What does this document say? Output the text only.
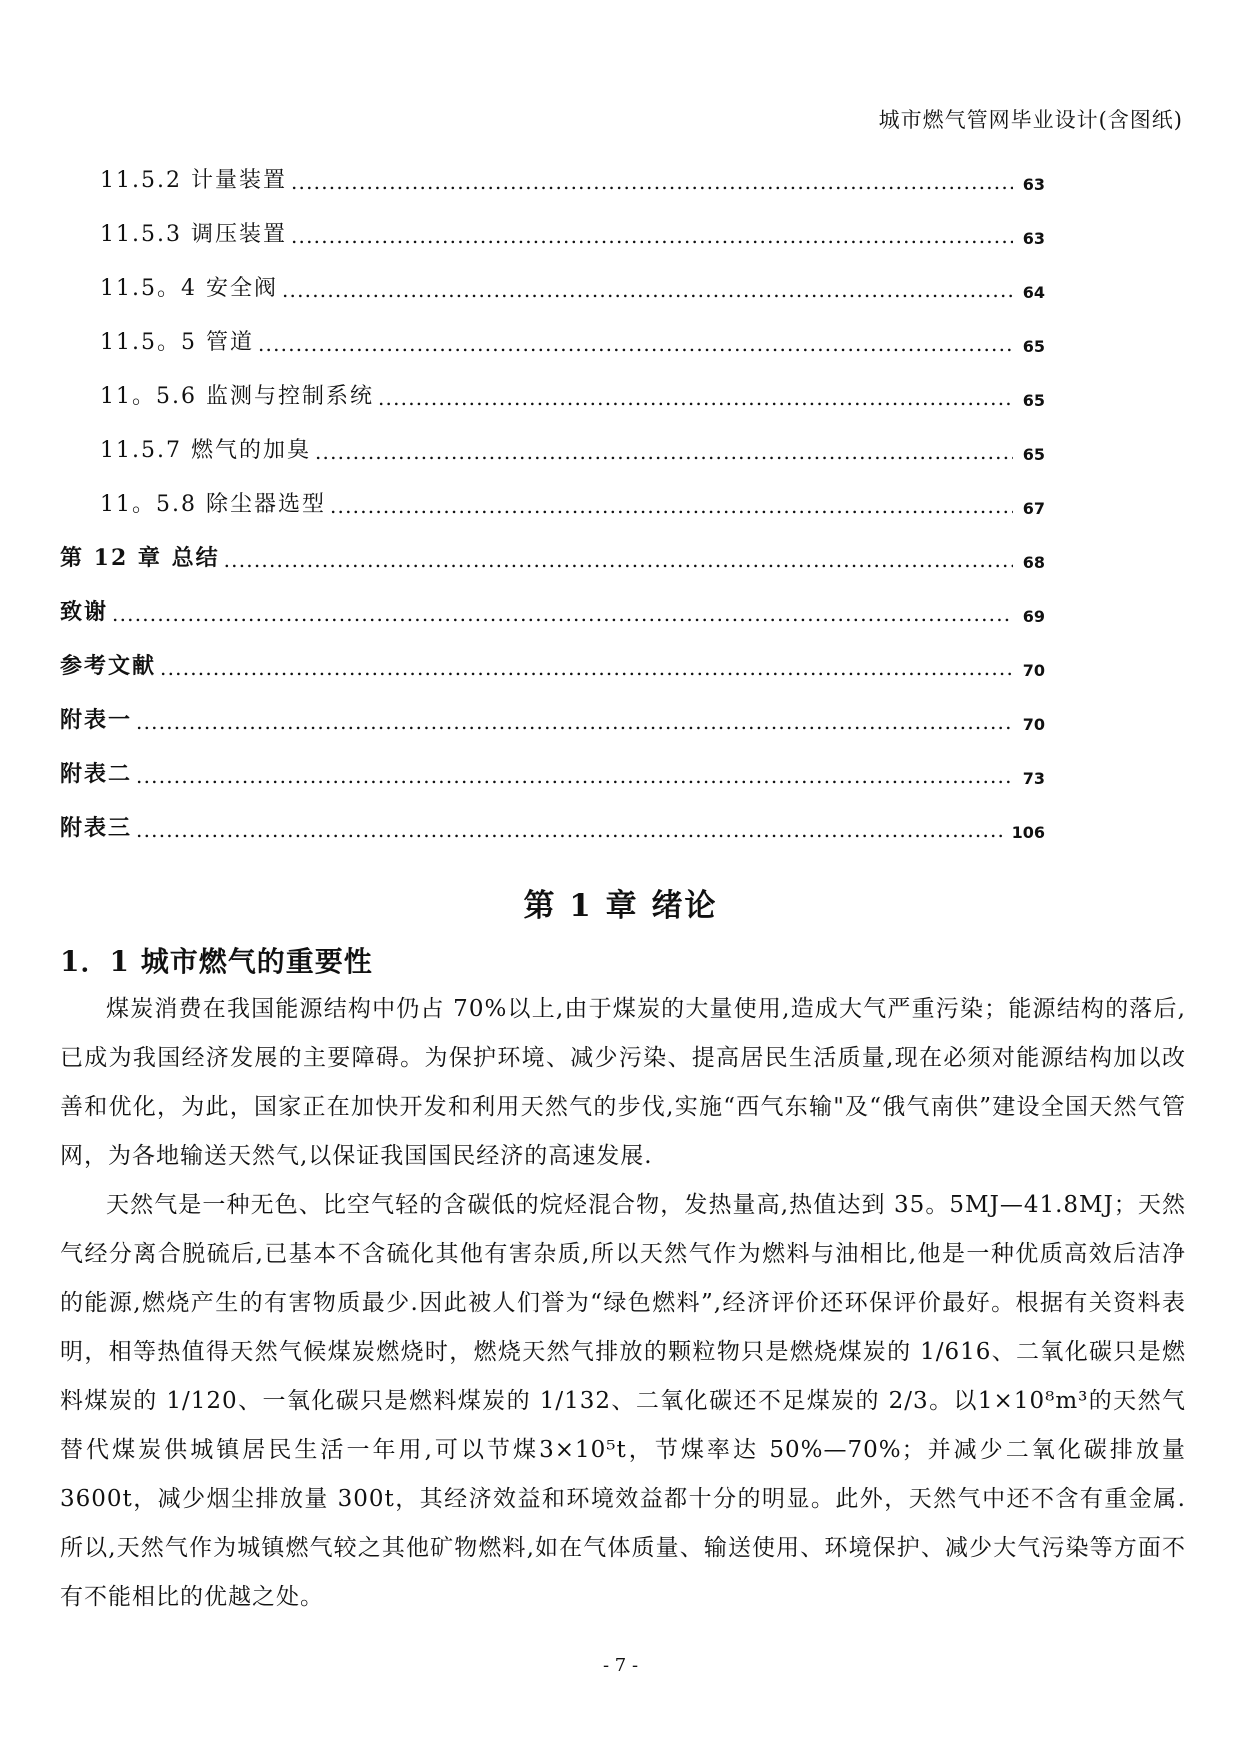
城市燃气管网毕业设计(含图纸)
11.5.2 计量装置 .....	63
11.5.3 调压装置 .....	63
11.5。4 安全阀 .....	64
11.5。5 管道 .....	65
11。5.6 监测与控制系统 .....	65
11.5.7 燃气的加臭 .....	65
11。5.8 除尘器选型 .....	67
第 12 章 总结 .....	68
致谢 .....	69
参考文献 .....	70
附表一 .....	70
附表二 .....	73
附表三 .....	106
第 1 章 绪论
1．1 城市燃气的重要性

煤炭消费在我国能源结构中仍占 70%以上,由于煤炭的大量使用,造成大气严重污染；能源结构的落后,已成为我国经济发展的主要障碍。为保护环境、减少污染、提高居民生活质量,现在必须对能源结构加以改善和优化，为此，国家正在加快开发和利用天然气的步伐,实施“西气东输"及“俄气南供”建设全国天然气管网，为各地输送天然气,以保证我国国民经济的高速发展.

天然气是一种无色、比空气轻的含碳低的烷烃混合物，发热量高,热值达到 35。5MJ—41.8MJ；天然气经分离合脱硫后,已基本不含硫化其他有害杂质,所以天然气作为燃料与油相比,他是一种优质高效后洁净的能源,燃烧产生的有害物质最少.因此被人们誉为“绿色燃料”,经济评价还环保评价最好。根据有关资料表明，相等热值得天然气候煤炭燃烧时，燃烧天然气排放的颗粒物只是燃烧煤炭的 1/616、二氧化碳只是燃料煤炭的 1/120、一氧化碳只是燃料煤炭的 1/132、二氧化碳还不足煤炭的 2/3。以1×10⁸m³的天然气替代煤炭供城镇居民生活一年用,可以节煤3×10⁵t，节煤率达 50%—70%；并减少二氧化碳排放量 3600t，减少烟尘排放量 300t，其经济效益和环境效益都十分的明显。此外，天然气中还不含有重金属.所以,天然气作为城镇燃气较之其他矿物燃料,如在气体质量、输送使用、环境保护、减少大气污染等方面不有不能相比的优越之处。

- 7 -
